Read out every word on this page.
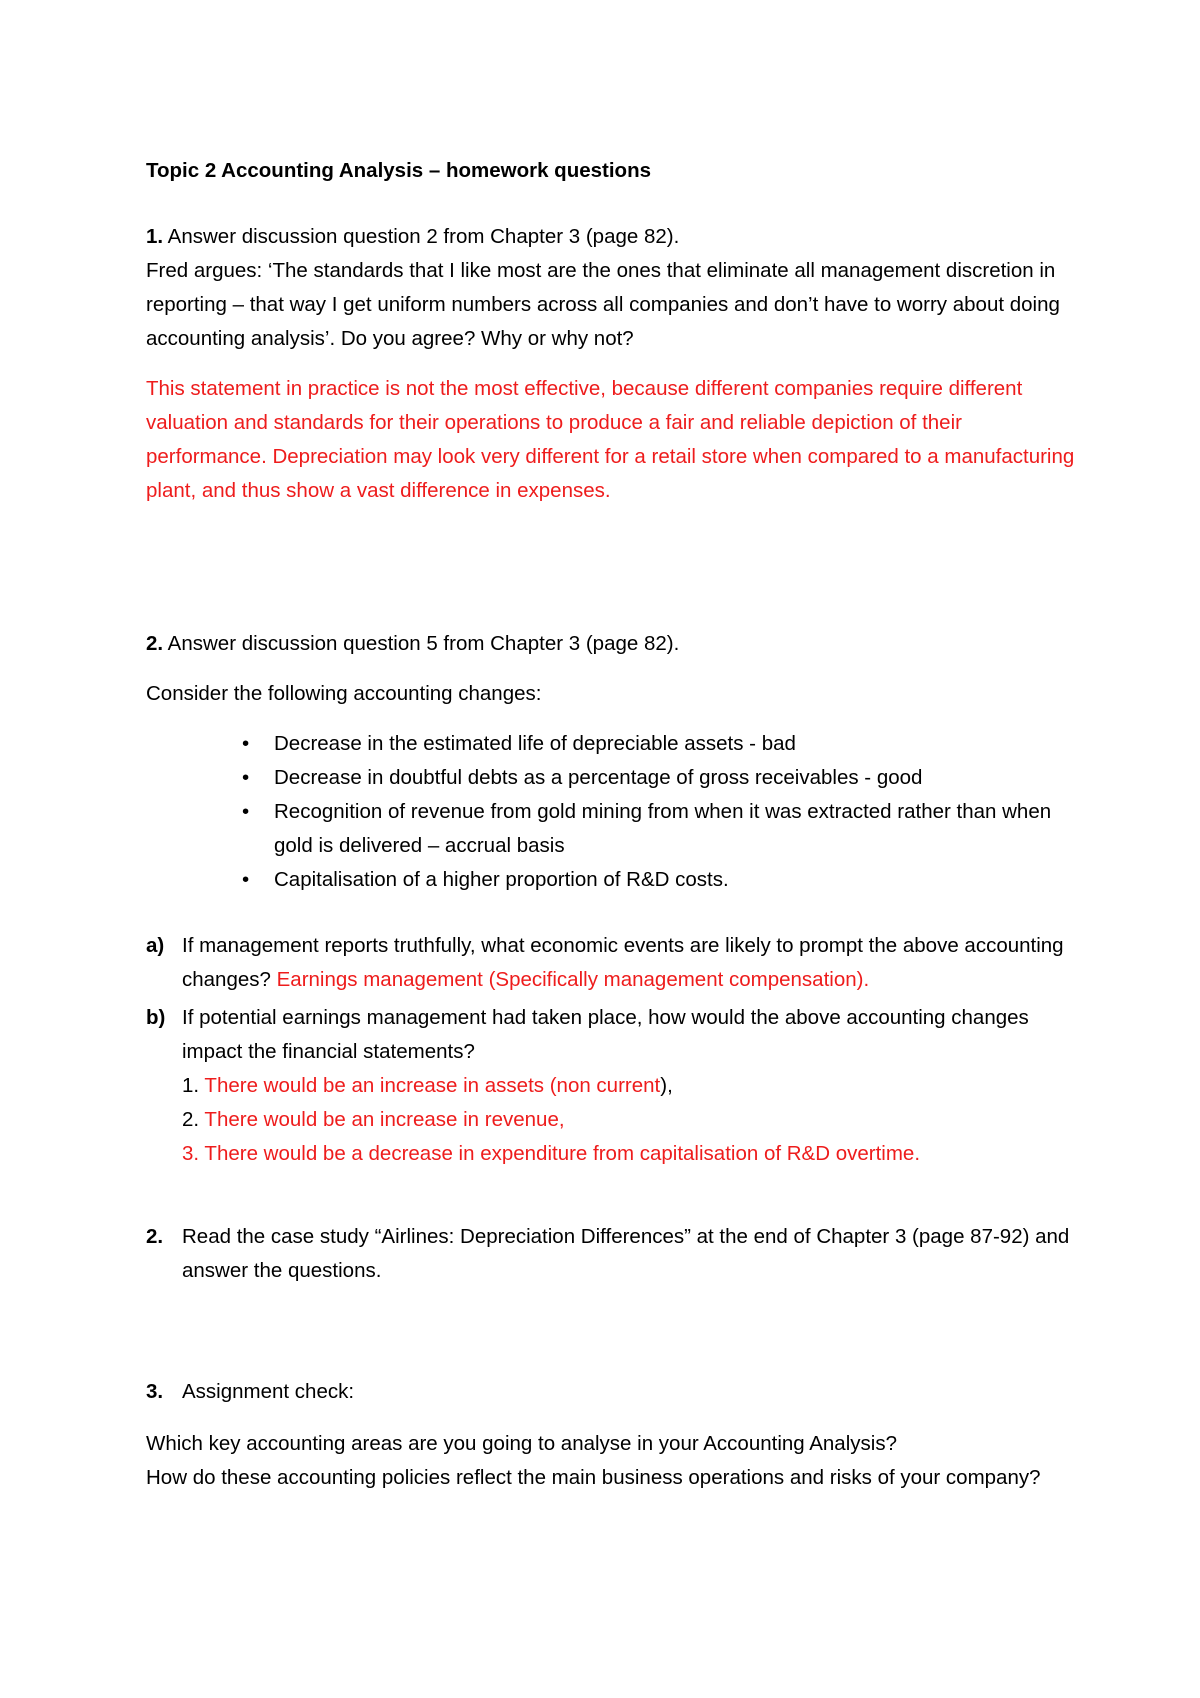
Topic 2 Accounting Analysis – homework questions

1. Answer discussion question 2 from Chapter 3 (page 82).

Fred argues: ‘The standards that I like most are the ones that eliminate all management discretion in reporting – that way I get uniform numbers across all companies and don’t have to worry about doing accounting analysis’. Do you agree? Why or why not?

This statement in practice is not the most effective, because different companies require different valuation and standards for their operations to produce a fair and reliable depiction of their performance. Depreciation may look very different for a retail store when compared to a manufacturing plant, and thus show a vast difference in expenses.
2. Answer discussion question 5 from Chapter 3 (page 82).
Consider the following accounting changes:
• Decrease in the estimated life of depreciable assets - bad
• Decrease in doubtful debts as a percentage of gross receivables - good
• Recognition of revenue from gold mining from when it was extracted rather than when gold is delivered – accrual basis
• Capitalisation of a higher proportion of R&D costs.
a) If management reports truthfully, what economic events are likely to prompt the above accounting changes? Earnings management (Specifically management compensation).
b) If potential earnings management had taken place, how would the above accounting changes impact the financial statements?

1. There would be an increase in assets (non current),

2. There would be an increase in revenue,

3. There would be a decrease in expenditure from capitalisation of R&D overtime.

2. Read the case study “Airlines: Depreciation Differences” at the end of Chapter 3 (page 87-92) and answer the questions.
3. Assignment check:

Which key accounting areas are you going to analyse in your Accounting Analysis?

How do these accounting policies reflect the main business operations and risks of your company?
